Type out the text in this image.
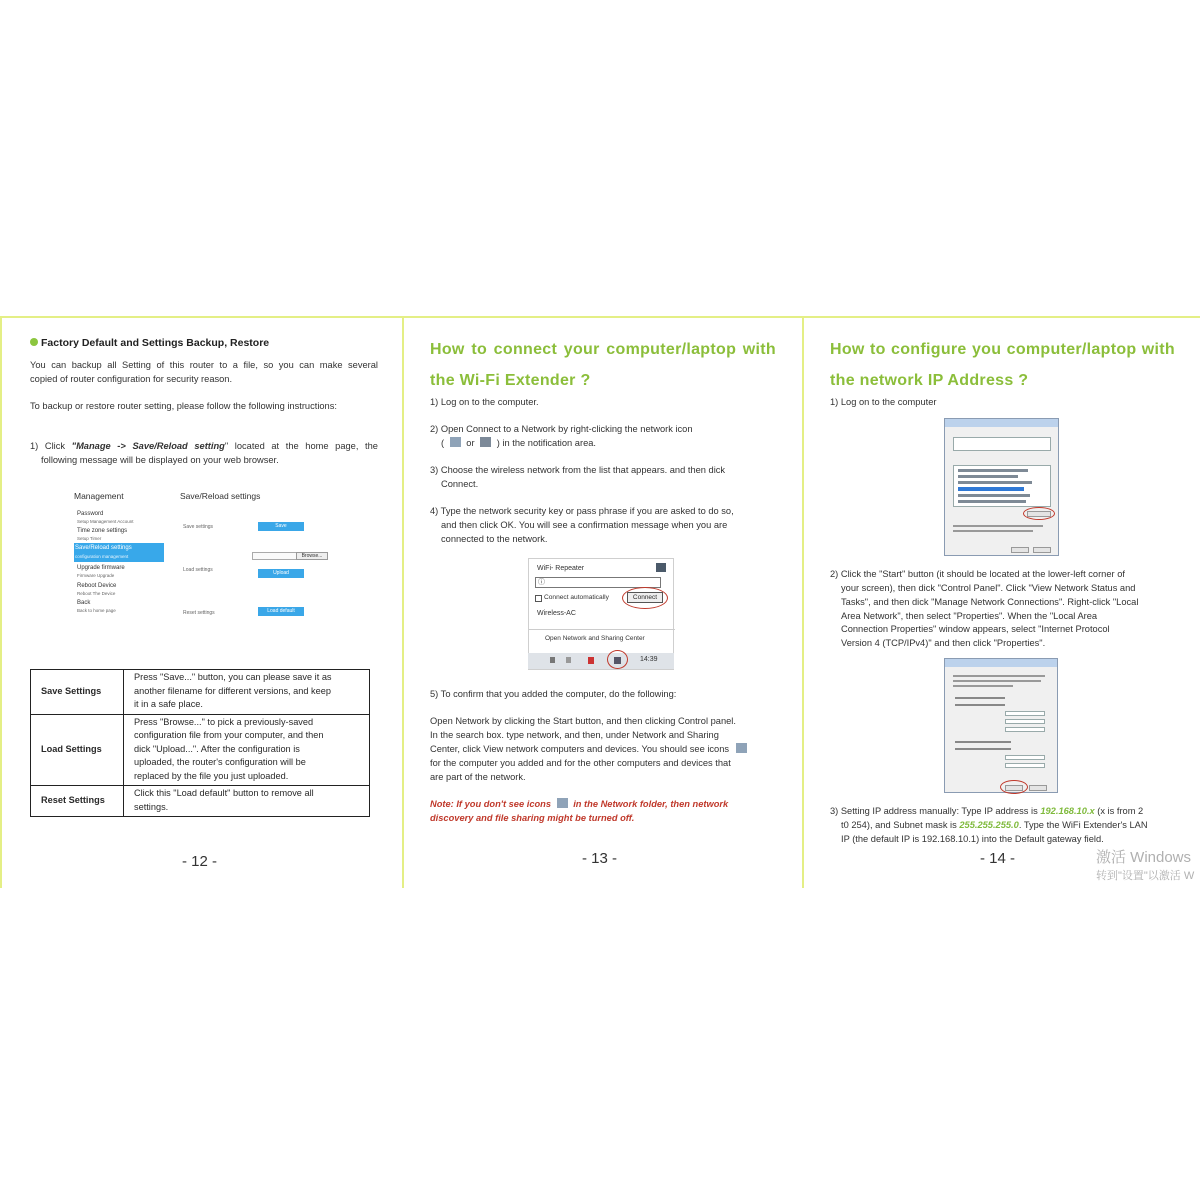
Factory Default and Settings Backup, Restore
You can backup all Setting of this router to a file, so you can make several
copied of router configuration for security reason.
To backup or restore router setting, please follow the following instructions:
1) Click "Manage -> Save/Reload setting" located at the home page, the
following message will be displayed on your web browser.
Management	Save/Reload settings
Password
Setup Management Account
Time zone settings
Setup Timer
Save/Reload settings
configuration management
Upgrade firmware
Firmware Upgrade
Reboot Device
Reboot The Device
Back
Back to home page
Save settings	Save
Browse...
Load settings	Upload
Reset settings	Load default
Save Settings	Press "Save..." button, you can please save it as
another filename for different versions, and keep
it in a safe place.

Load Settings	Press "Browse..." to pick a previously-saved
configuration file from your computer, and then
dick "Upload...". After the configuration is
uploaded, the router's configuration will be
replaced by the file you just uploaded.

Reset Settings	Click this "Load default" button to remove all
settings.
- 12 -
How to connect your computer/laptop with
the Wi-Fi Extender ?
1) Log on to the computer.
2) Open Connect to a Network by right-clicking the network icon
( or ) in the notification area.
3) Choose the wireless network from the list that appears. and then dick
Connect.
4) Type the network security key or pass phrase if you are asked to do so,
and then click OK. You will see a confirmation message when you are
connected to the network.
WiFi- Repeater
ⓘ
Connect automatically	Connect
Wireless-AC
Open Network and Sharing Center
14:39
5) To confirm that you added the computer, do the following:
Open Network by clicking the Start button, and then clicking Control panel.
In the search box. type network, and then, under Network and Sharing
Center, click View network computers and devices. You should see icons
for the computer you added and for the other computers and devices that
are part of the network.
Note: If you don't see icons in the Network folder, then network
discovery and file sharing might be turned off.
- 13 -
How to configure you computer/laptop with
the network IP Address ?
1) Log on to the computer
2) Click the "Start" button (it should be located at the lower-left corner of
your screen), then dick "Control Panel". Click "View Network Status and
Tasks", and then dick "Manage Network Connections". Right-click "Local
Area Network", then select "Properties". When the "Local Area
Connection Properties" window appears, select "Internet Protocol
Version 4 (TCP/IPv4)" and then click "Properties".
3) Setting IP address manually: Type IP address is 192.168.10.x (x is from 2
t0 254), and Subnet mask is 255.255.255.0. Type the WiFi Extender's LAN
IP (the default IP is 192.168.10.1) into the Default gateway field.
- 14 -	激活 Windows
转到"设置"以激活 W
